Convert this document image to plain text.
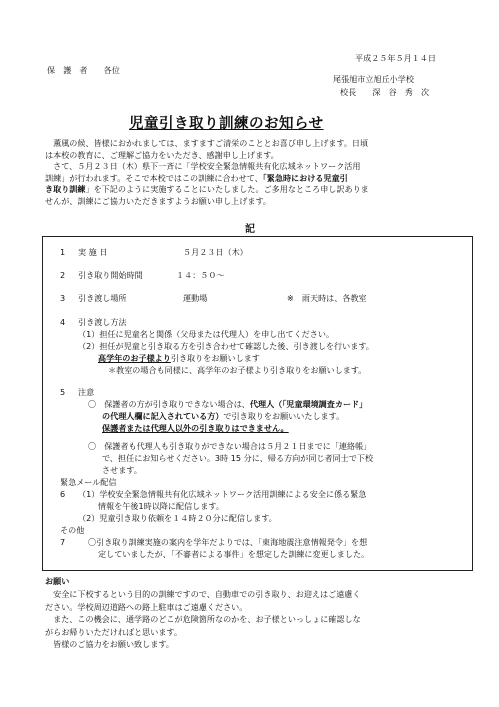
平成２５年５月１４日
保　護　者　　各位
尾張旭市立旭丘小学校
校長　　深　谷　秀　次
児童引き取り訓練のお知らせ
　薫風の候、皆様におかれましては、ますますご清栄のこととお喜び申し上げます。日頃
は本校の教育に、ご理解ご協力をいただき、感謝申し上げます。
　さて、５月２３日（木）県下一斉に「学校安全緊急情報共有化広域ネットワーク活用
訓練」が行われます。そこで本校ではこの訓練に合わせて、「緊急時における児童引
き取り訓練」を下記のように実施することにいたしました。ご多用なところ申し訳ありま
せんが、訓練にご協力いただきますようお願い申し上げます。
記
1 実 施 日	５月２３日（木）
2 引き取り開始時間	１４：５０～
3 引き渡し場所	運動場	※　雨天時は、各教室
4 引き渡し方法
（1）担任に児童名と関係（父母または代理人）を申し出てください。
（2）担任が児童と引き取る方を引き合わせて確認した後、引き渡しを行います。
高学年のお子様より引き取りをお願いします
＊教室の場合も同様に、高学年のお子様より引き取りをお願いします。
5 注意
〇　保護者の方が引き取りできない場合は、代理人（「児童環境調査カード」
の代理人欄に記入されている方）で引き取りをお願いいたします。
保護者または代理人以外の引き取りはできません。
〇　保護者も代理人も引き取りができない場合は５月２１日までに「連絡帳」
で、担任にお知らせください。3時 15 分に、帰る方向が同じ者同士で下校
させます。
緊急メール配信
6 （1）学校安全緊急情報共有化広域ネットワーク活用訓練による安全に係る緊急
情報を午後1時以降に配信します。
（2）児童引き取り依頼を１４時２０分に配信します。
その他
7	〇引き取り訓練実施の案内を学年だよりでは、「東海地震注意情報発令」を想
定していましたが、「不審者による事件」を想定した訓練に変更しました。
お願い
　安全に下校するという目的の訓練ですので、自動車での引き取り、お迎えはご遠慮く
ださい。学校周辺道路への路上駐車はご遠慮ください。
　また、この機会に、通学路のどこが危険箇所なのかを、お子様といっしょに確認しな
がらお帰りいただければと思います。
　皆様のご協力をお願い致します。
